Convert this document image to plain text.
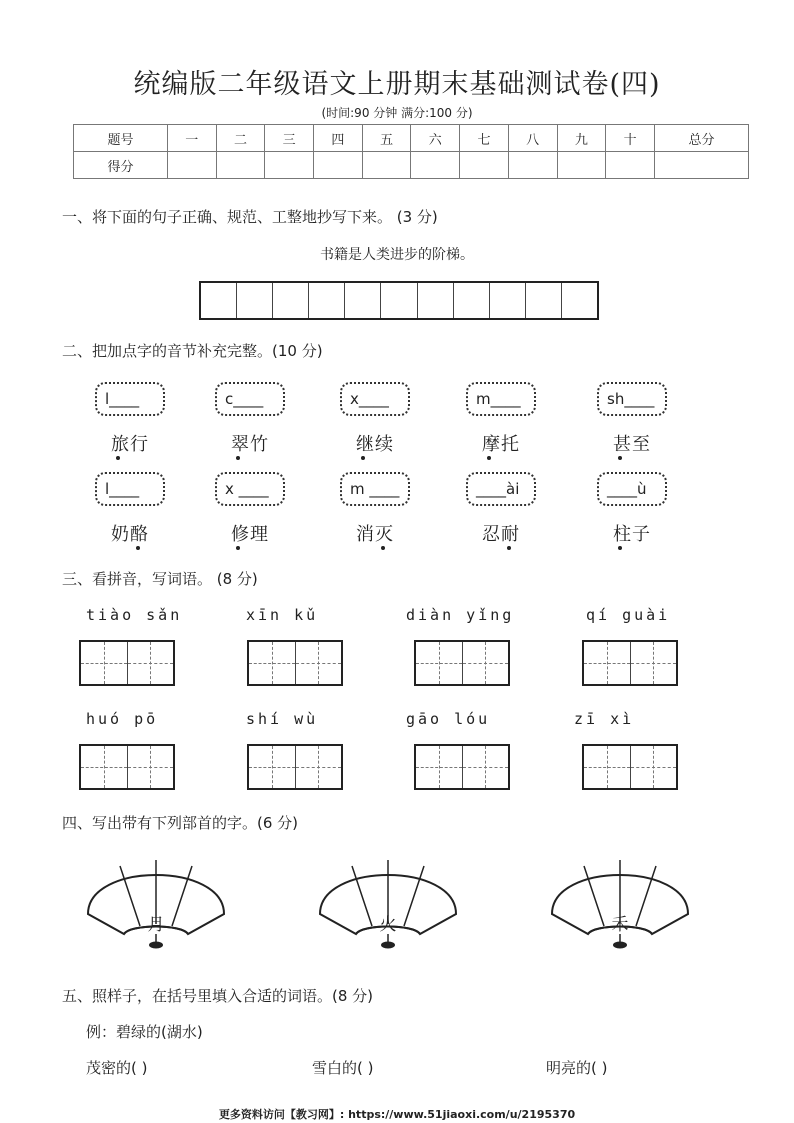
统编版二年级语文上册期末基础测试卷(四)
(时间:90 分钟 满分:100 分)
题号	一	二	三	四	五	六	七	八	九	十	总分
得分											
一、将下面的句子正确、规范、工整地抄写下来。 (3 分)
书籍是人类进步的阶梯。
二、把加点字的音节补充完整。(10 分)
l____	c____	x____	m____	sh____
旅行	翠竹	继续	摩托	甚至
l____	x ____	m ____	____ài	____ù
奶酪	修理	消灭	忍耐	柱子
三、看拼音，写词语。 (8 分)
tiào sǎn	xīn kǔ	diàn yǐng	qí guài
huó pō	shí wù	gāo lóu	zī xì
四、写出带有下列部首的字。(6 分)
月	火	禾
五、照样子，在括号里填入合适的词语。(8 分)
例：碧绿的(湖水)
茂密的( )	雪白的( )	明亮的( )
更多资料访问【教习网】: https://www.51jiaoxi.com/u/2195370
